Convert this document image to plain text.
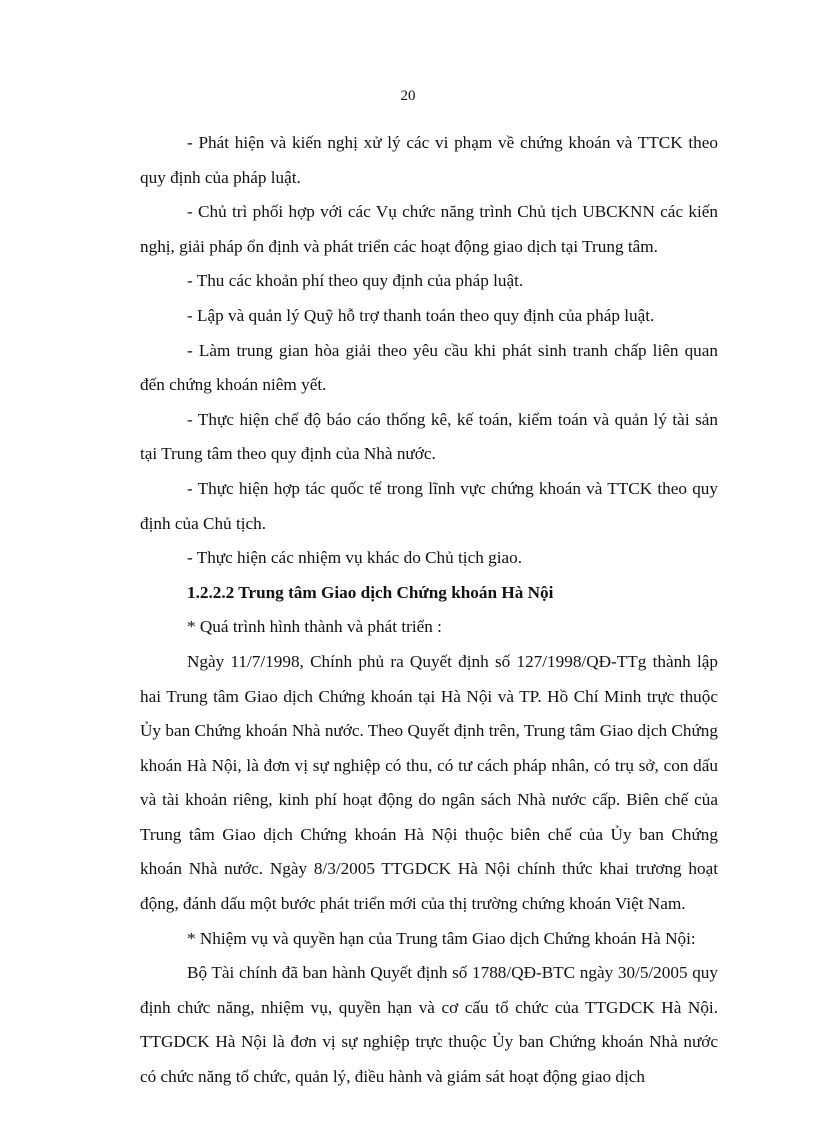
20

- Phát hiện và kiến nghị xử lý các vi phạm về chứng khoán và TTCK theo quy định của pháp luật.

- Chủ trì phối hợp với các Vụ chức năng trình Chủ tịch UBCKNN các kiến nghị, giải pháp ổn định và phát triển các hoạt động giao dịch tại Trung tâm.

- Thu các khoản phí theo quy định của pháp luật.

- Lập và quản lý Quỹ hỗ trợ thanh toán theo quy định của pháp luật.

- Làm trung gian hòa giải theo yêu cầu khi phát sinh tranh chấp liên quan đến chứng khoán niêm yết.

- Thực hiện chế độ báo cáo thống kê, kế toán, kiểm toán và quản lý tài sản tại Trung tâm theo quy định của Nhà nước.

- Thực hiện hợp tác quốc tế trong lĩnh vực chứng khoán và TTCK theo quy định của Chủ tịch.

- Thực hiện các nhiệm vụ khác do Chủ tịch giao.

1.2.2.2 Trung tâm Giao dịch Chứng khoán Hà Nội

* Quá trình hình thành và phát triển :

Ngày 11/7/1998, Chính phủ ra Quyết định số 127/1998/QĐ-TTg thành lập hai Trung tâm Giao dịch Chứng khoán tại Hà Nội và TP. Hồ Chí Minh trực thuộc Ủy ban Chứng khoán Nhà nước. Theo Quyết định trên, Trung tâm Giao dịch Chứng khoán Hà Nội, là đơn vị sự nghiệp có thu, có tư cách pháp nhân, có trụ sở, con dấu và tài khoản riêng, kinh phí hoạt động do ngân sách Nhà nước cấp. Biên chế của Trung tâm Giao dịch Chứng khoán Hà Nội thuộc biên chế của Ủy ban Chứng khoán Nhà nước. Ngày 8/3/2005 TTGDCK Hà Nội chính thức khai trương hoạt động, đánh dấu một bước phát triển mới của thị trường chứng khoán Việt Nam.

* Nhiệm vụ và quyền hạn của Trung tâm Giao dịch Chứng khoán Hà Nội:

Bộ Tài chính đã ban hành Quyết định số 1788/QĐ-BTC ngày 30/5/2005 quy định chức năng, nhiệm vụ, quyền hạn và cơ cấu tổ chức của TTGDCK Hà Nội. TTGDCK Hà Nội là đơn vị sự nghiệp trực thuộc Ủy ban Chứng khoán Nhà nước có chức năng tổ chức, quản lý, điều hành và giám sát hoạt động giao dịch
